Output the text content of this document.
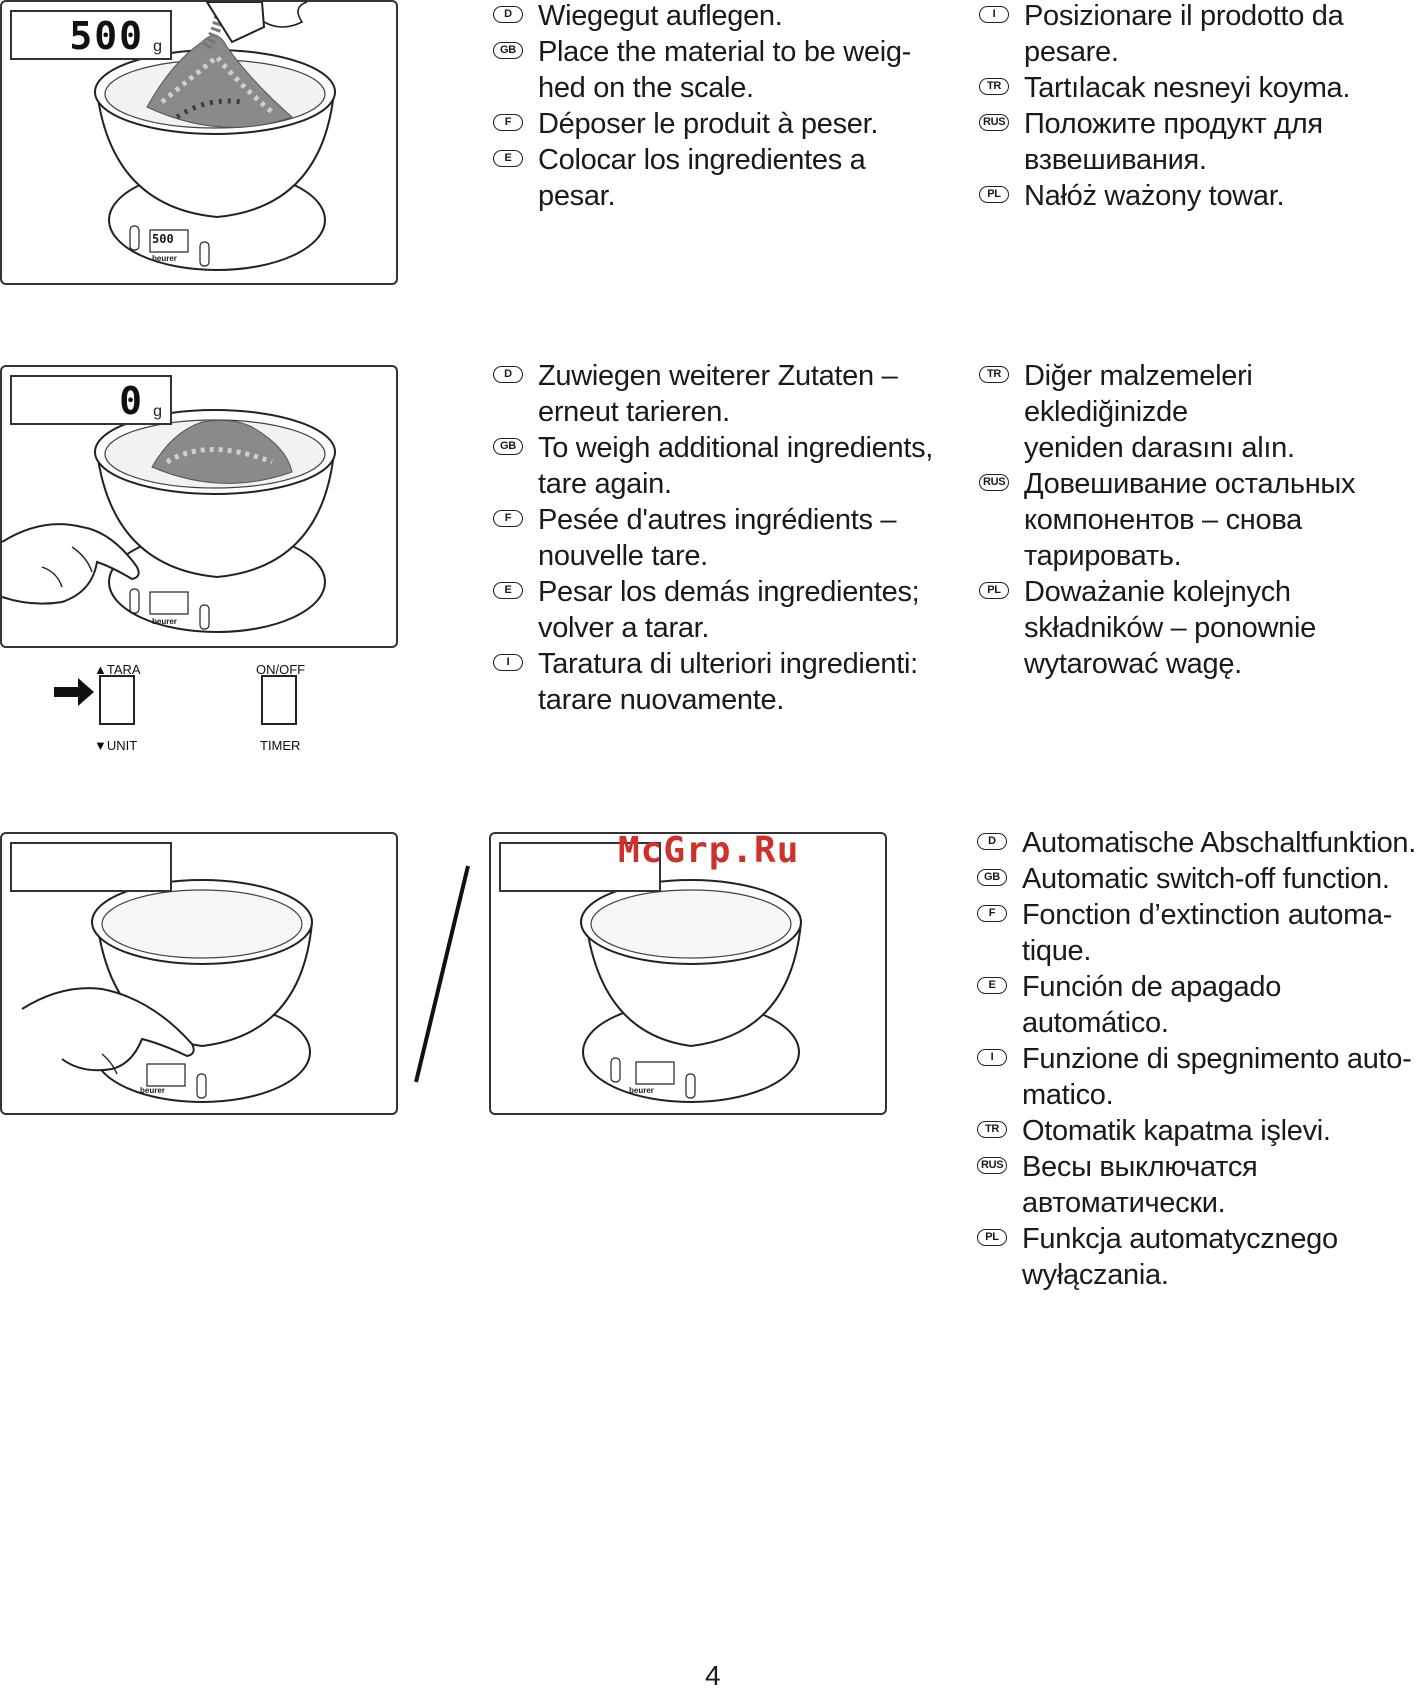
500 g
500
beurer
0 g
beurer
▲TARA
▼UNIT
ON/OFF
TIMER
beurer	beurer
McGrp.Ru
D Wiegegut auflegen.
GB Place the material to be weig-
hed on the scale.
F Déposer le produit à peser.
E Colocar los ingredientes a
pesar.
I Posizionare il prodotto da
pesare.
TR Tartılacak nesneyi koyma.
RUS Положите продукт для
взвешивания.
PL Nałóż ważony towar.
D Zuwiegen weiterer Zutaten –
erneut tarieren.
GB To weigh additional ingredients,
tare again.
F Pesée d'autres ingrédients –
nouvelle tare.
E Pesar los demás ingredientes;
volver a tarar.
I Taratura di ulteriori ingredienti:
tarare nuovamente.
TR Diğer malzemeleri eklediğinizde
yeniden darasını alın.
RUS Довешивание остальных
компонентов – снова
тарировать.
PL Doważanie kolejnych
składników – ponownie
wytarować wagę.
D Automatische Abschaltfunktion.
GB Automatic switch-off function.
F Fonction d’extinction automa-
tique.
E Función de apagado automático.
I Funzione di spegnimento auto-
matico.
TR Otomatik kapatma işlevi.
RUS Весы выключатся
автоматически.
PL Funkcja automatycznego
wyłączania.
4
